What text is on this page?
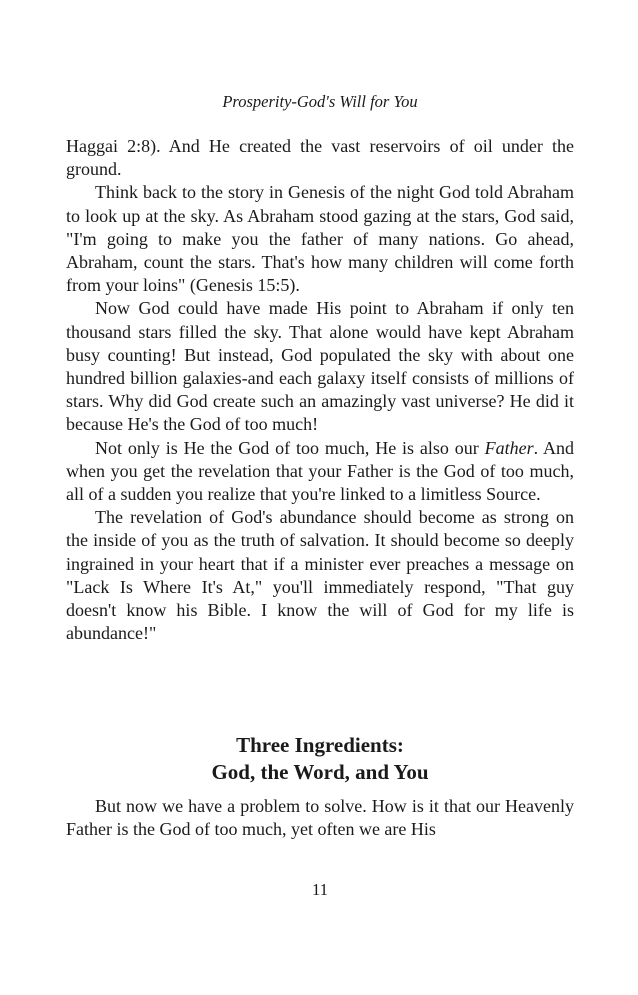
Prosperity-God's Will for You

Haggai 2:8). And He created the vast reservoirs of oil under the ground.

Think back to the story in Genesis of the night God told Abraham to look up at the sky. As Abraham stood gazing at the stars, God said, "I'm going to make you the father of many nations. Go ahead, Abraham, count the stars. That's how many children will come forth from your loins" (Genesis 15:5).

Now God could have made His point to Abraham if only ten thousand stars filled the sky. That alone would have kept Abraham busy counting! But instead, God populated the sky with about one hundred billion galaxies-and each galaxy itself consists of millions of stars. Why did God create such an amazingly vast universe? He did it because He's the God of too much!

Not only is He the God of too much, He is also our Father. And when you get the revelation that your Father is the God of too much, all of a sudden you realize that you're linked to a limitless Source.

The revelation of God's abundance should become as strong on the inside of you as the truth of salvation. It should become so deeply ingrained in your heart that if a minister ever preaches a message on "Lack Is Where It's At," you'll immediately respond, "That guy doesn't know his Bible. I know the will of God for my life is abundance!"

Three Ingredients:
God, the Word, and You

But now we have a problem to solve. How is it that our Heavenly Father is the God of too much, yet often we are His

11
